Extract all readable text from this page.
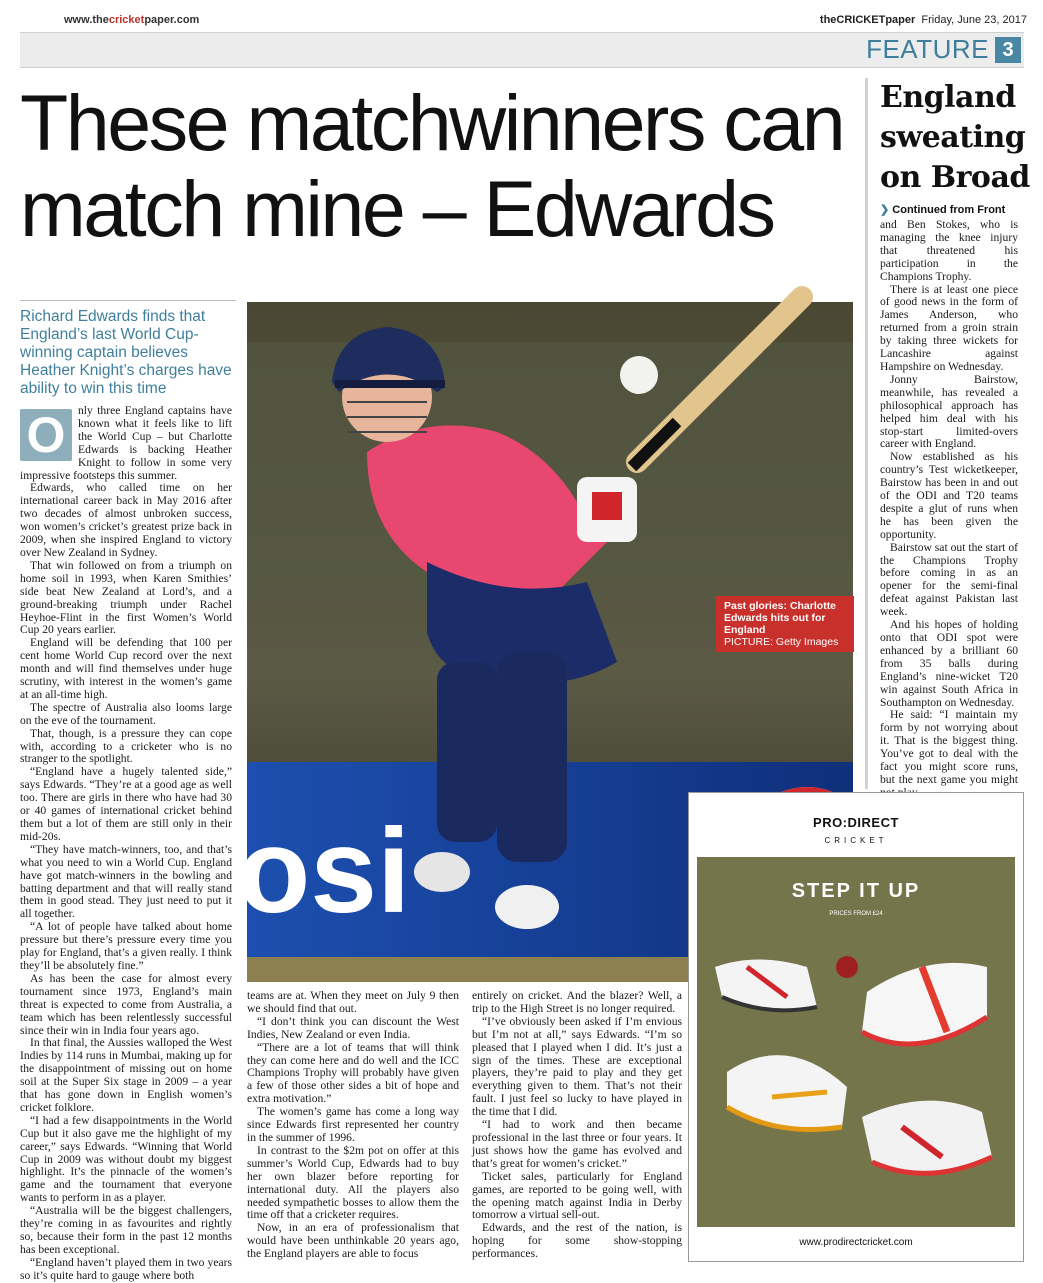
www.thecricketpaper.com	theCRICKETpaper Friday, June 23, 2017
FEATURE 3
These matchwinners can match mine – Edwards
Richard Edwards finds that England’s last World Cup-winning captain believes Heather Knight’s charges have ability to win this time
O	nly three England captains have known what it feels like to lift the World Cup – but Charlotte Edwards is backing Heather Knight to follow in some very impressive footsteps this summer.

Edwards, who called time on her international career back in May 2016 after two decades of almost unbroken success, won women’s cricket’s greatest prize back in 2009, when she inspired England to victory over New Zealand in Sydney.

That win followed on from a triumph on home soil in 1993, when Karen Smithies’ side beat New Zealand at Lord’s, and a ground-breaking triumph under Rachel Heyhoe-Flint in the first Women’s World Cup 20 years earlier.

England will be defending that 100 per cent home World Cup record over the next month and will find themselves under huge scrutiny, with interest in the women’s game at an all-time high.

The spectre of Australia also looms large on the eve of the tournament.

That, though, is a pressure they can cope with, according to a cricketer who is no stranger to the spotlight.

“England have a hugely talented side,” says Edwards. “They’re at a good age as well too. There are girls in there who have had 30 or 40 games of international cricket behind them but a lot of them are still only in their mid-20s.

“They have match-winners, too, and that’s what you need to win a World Cup. England have got match-winners in the bowling and batting department and that will really stand them in good stead. They just need to put it all together.

“A lot of people have talked about home pressure but there’s pressure every time you play for England, that’s a given really. I think they’ll be absolutely fine.”

As has been the case for almost every tournament since 1973, England’s main threat is expected to come from Australia, a team which has been relentlessly successful since their win in India four years ago.

In that final, the Aussies walloped the West Indies by 114 runs in Mumbai, making up for the disappointment of missing out on home soil at the Super Six stage in 2009 – a year that has gone down in English women’s cricket folklore.

“I had a few disappointments in the World Cup but it also gave me the highlight of my career,” says Edwards. “Winning that World Cup in 2009 was without doubt my biggest highlight. It’s the pinnacle of the women’s game and the tournament that everyone wants to perform in as a player.

“Australia will be the biggest challengers, they’re coming in as favourites and rightly so, because their form in the past 12 months has been exceptional.

“England haven’t played them in two years so it’s quite hard to gauge where both

osi
Past glories: Charlotte Edwards hits out for England
PICTURE: Getty Images

teams are at. When they meet on July 9 then we should find that out.

“I don’t think you can discount the West Indies, New Zealand or even India.

“There are a lot of teams that will think they can come here and do well and the ICC Champions Trophy will probably have given a few of those other sides a bit of hope and extra motivation.”

The women’s game has come a long way since Edwards first represented her country in the summer of 1996.

In contrast to the $2m pot on offer at this summer’s World Cup, Edwards had to buy her own blazer before reporting for international duty. All the players also needed sympathetic bosses to allow them the time off that a cricketer requires.

Now, in an era of professionalism that would have been unthinkable 20 years ago, the England players are able to focus

entirely on cricket. And the blazer? Well, a trip to the High Street is no longer required.

“I’ve obviously been asked if I’m envious but I’m not at all,” says Edwards. “I’m so pleased that I played when I did. It’s just a sign of the times. These are exceptional players, they’re paid to play and they get everything given to them. That’s not their fault. I just feel so lucky to have played in the time that I did.

“I had to work and then became professional in the last three or four years. It just shows how the game has evolved and that’s great for women’s cricket.”

Ticket sales, particularly for England games, are reported to be going well, with the opening match against India in Derby tomorrow a virtual sell-out.

Edwards, and the rest of the nation, is hoping for some show-stopping performances.

England sweating on Broad
❯ Continued from Front

and Ben Stokes, who is managing the knee injury that threatened his participation in the Champions Trophy.

There is at least one piece of good news in the form of James Anderson, who returned from a groin strain by taking three wickets for Lancashire against Hampshire on Wednesday.

Jonny Bairstow, meanwhile, has revealed a philosophical approach has helped him deal with his stop-start limited-overs career with England.

Now established as his country’s Test wicketkeeper, Bairstow has been in and out of the ODI and T20 teams despite a glut of runs when he has been given the opportunity.

Bairstow sat out the start of the Champions Trophy before coming in as an opener for the semi-final defeat against Pakistan last week.

And his hopes of holding onto that ODI spot were enhanced by a brilliant 60 from 35 balls during England’s nine-wicket T20 win against South Africa in Southampton on Wednesday.

He said: “I maintain my form by not worrying about it. That is the biggest thing. You’ve got to deal with the fact you might score runs, but the next game you might

PRO:DIRECT
CRICKET
STEP IT UP
PRICES FROM £24
www.prodirectcricket.com
